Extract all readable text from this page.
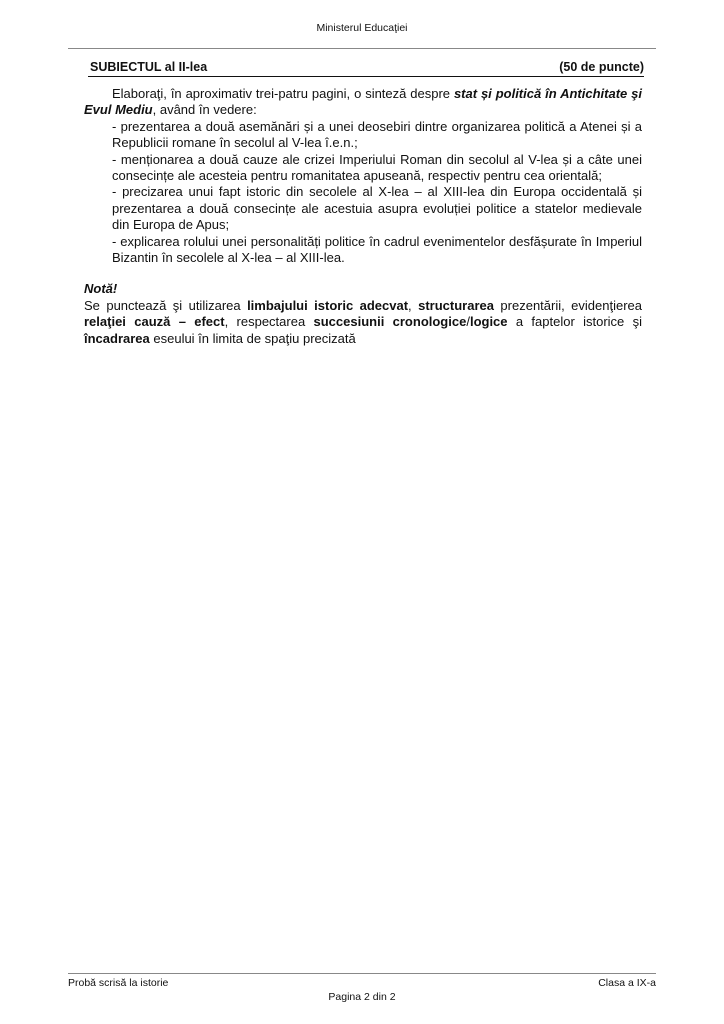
Ministerul Educaţiei
SUBIECTUL al II-lea	(50 de puncte)

Elaboraţi, în aproximativ trei-patru pagini, o sinteză despre stat și politică în Antichitate şi Evul Mediu, având în vedere:

- prezentarea a două asemănări și a unei deosebiri dintre organizarea politică a Atenei și a Republicii romane în secolul al V-lea î.e.n.;
- menționarea a două cauze ale crizei Imperiului Roman din secolul al V-lea și a câte unei consecințe ale acesteia pentru romanitatea apuseană, respectiv pentru cea orientală;
- precizarea unui fapt istoric din secolele al X-lea – al XIII-lea din Europa occidentală și prezentarea a două consecințe ale acestuia asupra evoluției politice a statelor medievale din Europa de Apus;
- explicarea rolului unei personalități politice în cadrul evenimentelor desfășurate în Imperiul Bizantin în secolele al X-lea – al XIII-lea.

Notă!

Se punctează şi utilizarea limbajului istoric adecvat, structurarea prezentării, evidenţierea relaţiei cauză – efect, respectarea succesiunii cronologice/logice a faptelor istorice şi încadrarea eseului în limita de spaţiu precizată

Probă scrisă la istorie	Clasa a IX-a
Pagina 2 din 2
